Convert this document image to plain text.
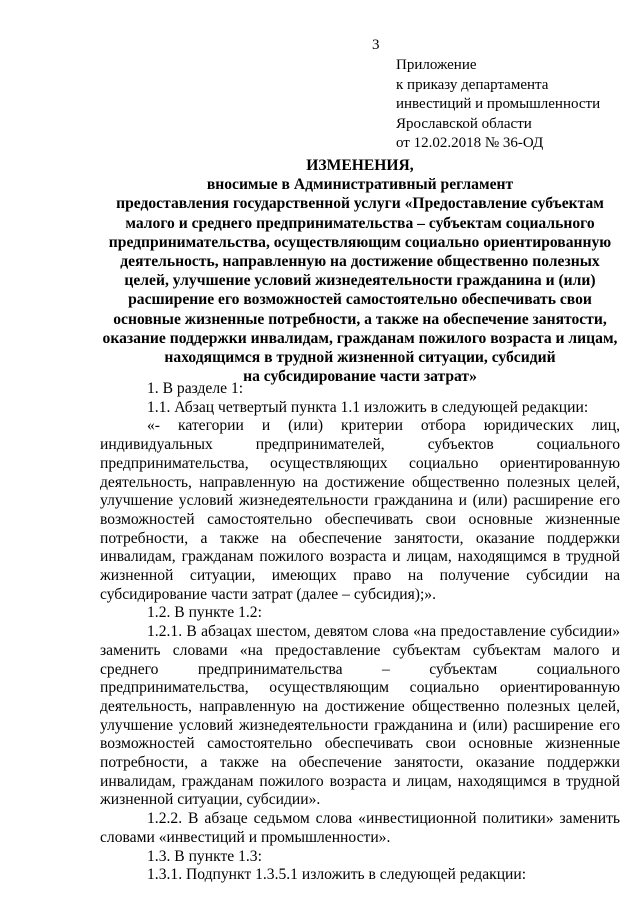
3
Приложение
к приказу департамента
инвестиций и промышленности
Ярославской области
от 12.02.2018 № 36-ОД
ИЗМЕНЕНИЯ,
вносимые в Административный регламент
предоставления государственной услуги «Предоставление субъектам
малого и среднего предпринимательства – субъектам социального
предпринимательства, осуществляющим социально ориентированную
деятельность, направленную на достижение общественно полезных
целей, улучшение условий жизнедеятельности гражданина и (или)
расширение его возможностей самостоятельно обеспечивать свои
основные жизненные потребности, а также на обеспечение занятости,
оказание поддержки инвалидам, гражданам пожилого возраста и лицам,
находящимся в трудной жизненной ситуации, субсидий
на субсидирование части затрат»

1. В разделе 1:

1.1. Абзац четвертый пункта 1.1 изложить в следующей редакции:

«- категории и (или) критерии отбора юридических лиц, индивидуальных предпринимателей, субъектов социального предпринимательства, осуществляющих социально ориентированную деятельность, направленную на достижение общественно полезных целей, улучшение условий жизнедеятельности гражданина и (или) расширение его возможностей самостоятельно обеспечивать свои основные жизненные потребности, а также на обеспечение занятости, оказание поддержки инвалидам, гражданам пожилого возраста и лицам, находящимся в трудной жизненной ситуации, имеющих право на получение субсидии на субсидирование части затрат (далее – субсидия);».

1.2. В пункте 1.2:

1.2.1. В абзацах шестом, девятом слова «на предоставление субсидии» заменить словами «на предоставление субъектам субъектам малого и среднего предпринимательства – субъектам социального предпринимательства, осуществляющим социально ориентированную деятельность, направленную на достижение общественно полезных целей, улучшение условий жизнедеятельности гражданина и (или) расширение его возможностей самостоятельно обеспечивать свои основные жизненные потребности, а также на обеспечение занятости, оказание поддержки инвалидам, гражданам пожилого возраста и лицам, находящимся в трудной жизненной ситуации, субсидии».

1.2.2. В абзаце седьмом слова «инвестиционной политики» заменить словами «инвестиций и промышленности».

1.3. В пункте 1.3:

1.3.1. Подпункт 1.3.5.1 изложить в следующей редакции:
